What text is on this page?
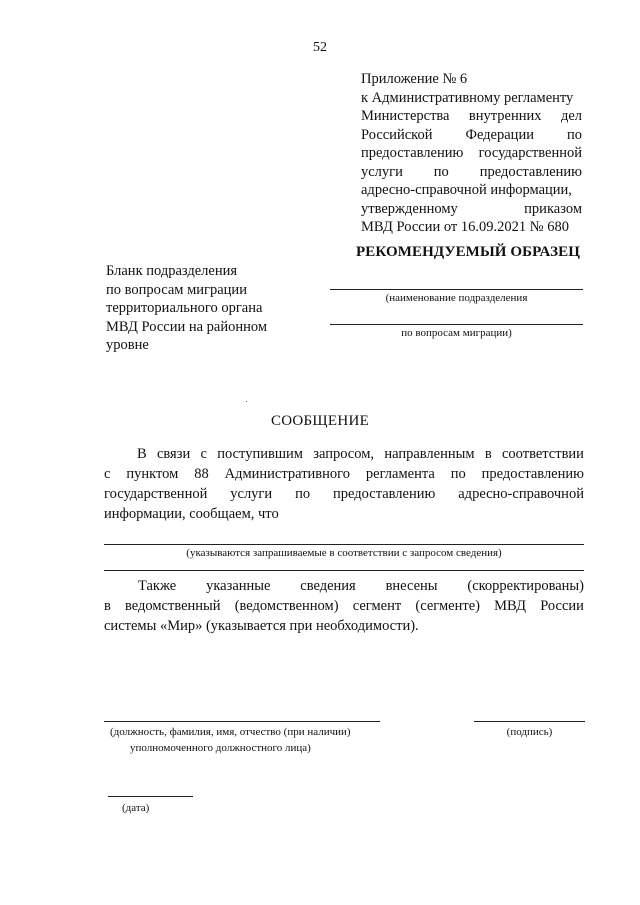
52
Приложение № 6
к Административному регламенту
Министерства внутренних дел
Российской Федерации по
предоставлению государственной
услуги по предоставлению
адресно-справочной информации,
утвержденному	приказом
МВД России от 16.09.2021 № 680
РЕКОМЕНДУЕМЫЙ ОБРАЗЕЦ
Бланк подразделения
по вопросам миграции
территориального органа
МВД России на районном
уровне
(наименование подразделения
по вопросам миграции)
СООБЩЕНИЕ
В связи с поступившим запросом, направленным в соответствии
с пунктом 88 Административного регламента по предоставлению
государственной услуги по предоставлению адресно-справочной
информации, сообщаем, что
(указываются запрашиваемые в соответствии с запросом сведения)
Также указанные сведения внесены (скорректированы)
в ведомственный (ведомственном) сегмент (сегменте) МВД России
системы «Мир» (указывается при необходимости).
(должность, фамилия, имя, отчество (при наличии)
уполномоченного должностного лица)
(подпись)
(дата)
